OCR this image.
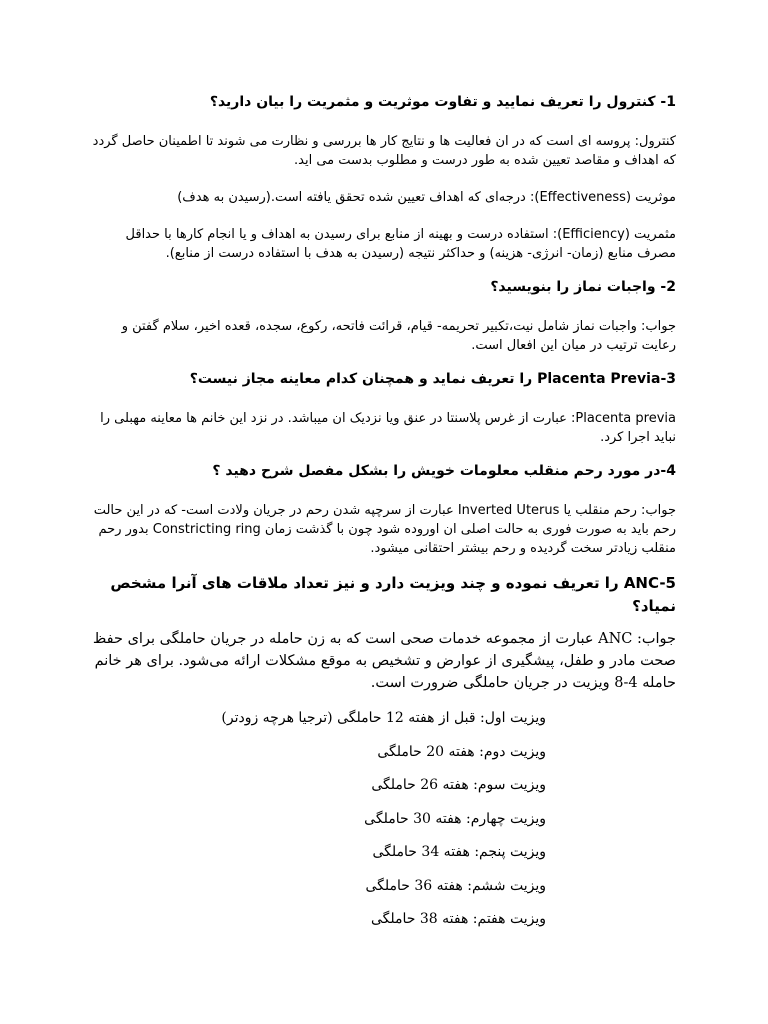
1- کنترول را تعریف نمایید و تفاوت موثریت و مثمریت را بیان دارید؟
کنترول: پروسه ای است که در ان فعالیت ها و نتایج کار ها بررسی و نظارت می شوند تا اطمینان حاصل گردد که اهداف و مقاصد تعیین شده به طور درست و مطلوب بدست می اید.
موثریت (Effectiveness): درجه‌ای که اهداف تعیین شده تحقق یافته است.(رسیدن به هدف)
مثمریت (Efficiency): استفاده درست و بهینه از منابع برای رسیدن به اهداف و یا انجام کارها با حداقل مصرف منابع (زمان- انرژی- هزینه) و حداکثر نتیجه (رسیدن به هدف با استفاده درست از منابع).
2- واجبات نماز را بنویسید؟
جواب: واجبات نماز شامل نیت،تکبیر تحریمه- قیام، قرائت فاتحه، رکوع، سجده، قعده اخیر، سلام گفتن و رعایت ترتیب در میان این افعال است.
3-Placenta Previa را تعریف نماید و همچنان کدام معاینه مجاز نیست؟
Placenta previa: عبارت از غرس پلاسنتا در عنق ویا نزدیک ان میباشد. در نزد این خانم ها معاینه مهبلی را نباید اجرا کرد.
4-در مورد رحم منقلب معلومات خویش را بشکل مفصل شرح دهید ؟
جواب: رحم منقلب یا Inverted Uterus عبارت از سرچپه شدن رحم در جریان ولادت است- که در این حالت رحم باید به صورت فوری به حالت اصلی ان اوروده شود چون با گذشت زمان Constricting ring بدور رحم منقلب زیادتر سخت گردیده و رحم بیشتر احتقانی میشود.
ANC-5 را تعریف نموده و چند ویزیت دارد و نیز تعداد ملاقات های آنرا مشخص نمیاد؟
جواب: ANC عبارت از مجموعه خدمات صحی است که به زن حامله در جریان حاملگی برای حفظ صحت مادر و طفل، پیشگیری از عوارض و تشخیص به موقع مشکلات ارائه می‌شود. برای هر خانم حامله 4-8 ویزیت در جریان حاملگی ضرورت است.
ویزیت اول: قبل از هفته 12 حاملگی (ترجیا هرچه زودتر)
ویزیت دوم: هفته 20 حاملگی
ویزیت سوم: هفته 26 حاملگی
ویزیت چهارم: هفته 30 حاملگی
ویزیت پنجم: هفته 34 حاملگی
ویزیت ششم: هفته 36 حاملگی
ویزیت هفتم: هفته 38 حاملگی
